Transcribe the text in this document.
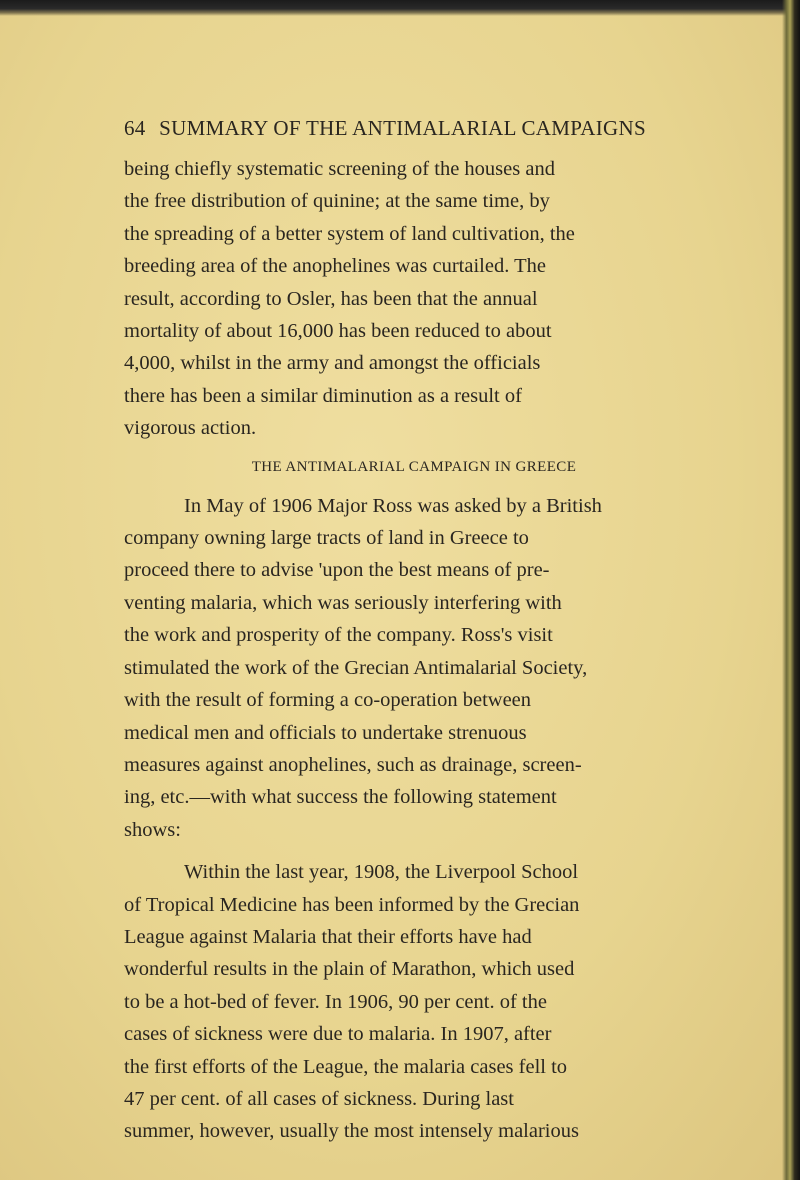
64 SUMMARY OF THE ANTIMALARIAL CAMPAIGNS

being chiefly systematic screening of the houses and
the free distribution of quinine; at the same time, by
the spreading of a better system of land cultivation, the
breeding area of the anophelines was curtailed. The
result, according to Osler, has been that the annual
mortality of about 16,000 has been reduced to about
4,000, whilst in the army and amongst the officials
there has been a similar diminution as a result of
vigorous action.

THE ANTIMALARIAL CAMPAIGN IN GREECE

In May of 1906 Major Ross was asked by a British
company owning large tracts of land in Greece to
proceed there to advise 'upon the best means of pre-
venting malaria, which was seriously interfering with
the work and prosperity of the company. Ross's visit
stimulated the work of the Grecian Antimalarial Society,
with the result of forming a co-operation between
medical men and officials to undertake strenuous
measures against anophelines, such as drainage, screen-
ing, etc.—with what success the following statement
shows:

Within the last year, 1908, the Liverpool School
of Tropical Medicine has been informed by the Grecian
League against Malaria that their efforts have had
wonderful results in the plain of Marathon, which used
to be a hot-bed of fever. In 1906, 90 per cent. of the
cases of sickness were due to malaria. In 1907, after
the first efforts of the League, the malaria cases fell to
47 per cent. of all cases of sickness. During last
summer, however, usually the most intensely malarious
